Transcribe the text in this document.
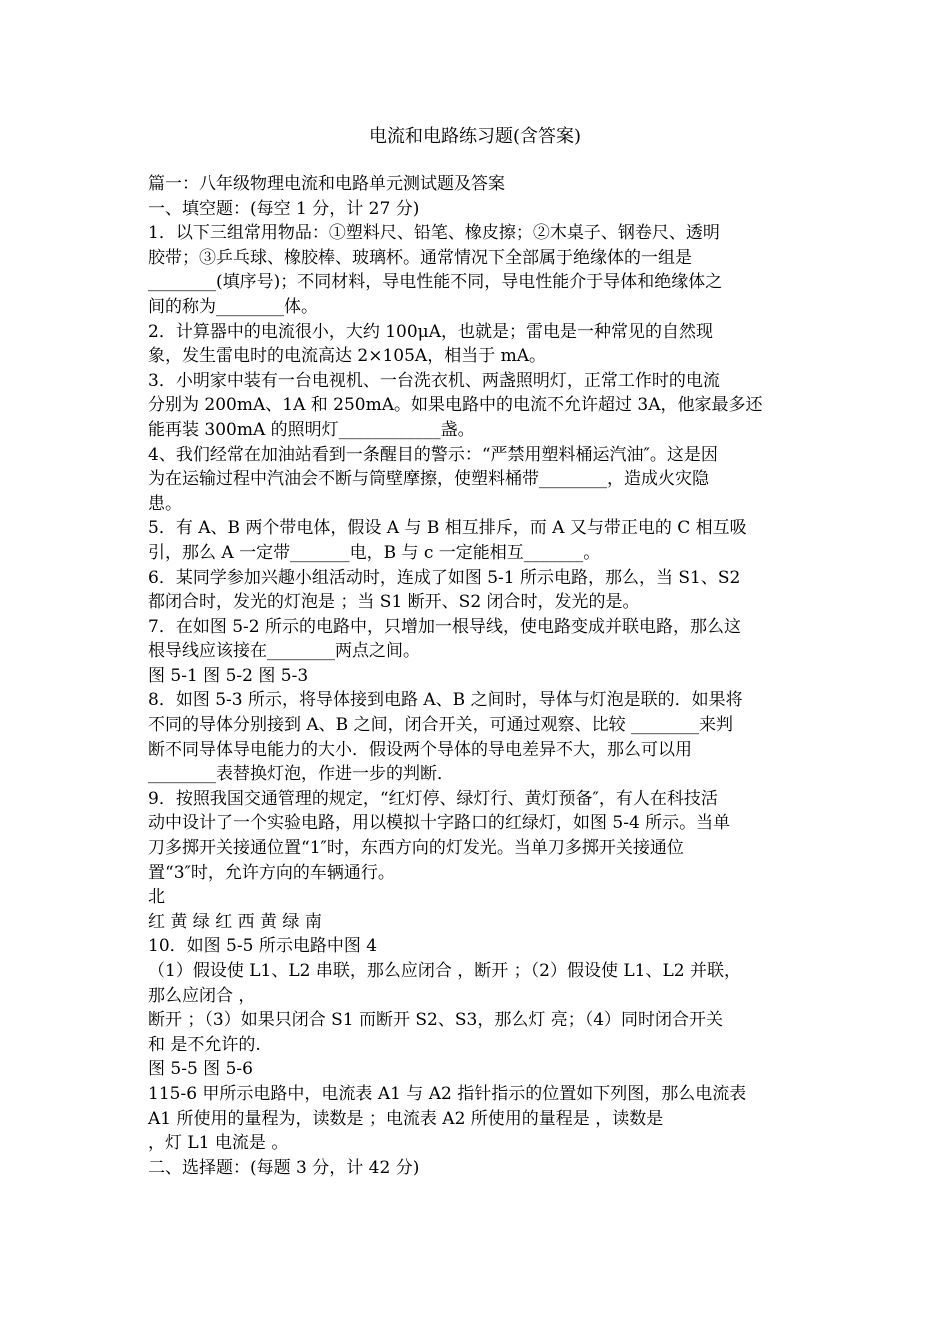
电流和电路练习题(含答案)
篇一：八年级物理电流和电路单元测试题及答案
一、填空题：(每空 1 分，计 27 分)
1．以下三组常用物品：①塑料尺、铅笔、橡皮擦；②木桌子、钢卷尺、透明
胶带；③乒乓球、橡胶棒、玻璃杯。通常情况下全部属于绝缘体的一组是
________(填序号)；不同材料，导电性能不同，导电性能介于导体和绝缘体之
间的称为________体。
2．计算器中的电流很小，大约 100μA，也就是；雷电是一种常见的自然现
象，发生雷电时的电流高达 2×105A，相当于 mA。
3．小明家中装有一台电视机、一台洗衣机、两盏照明灯，正常工作时的电流
分别为 200mA、1A 和 250mA。如果电路中的电流不允许超过 3A，他家最多还
能再装 300mA 的照明灯____________盏。
4、我们经常在加油站看到一条醒目的警示：“严禁用塑料桶运汽油″。这是因
为在运输过程中汽油会不断与筒壁摩擦，使塑料桶带________，造成火灾隐
患。
5．有 A、B 两个带电体，假设 A 与 B 相互排斥，而 A 又与带正电的 C 相互吸
引，那么 A 一定带_______电，B 与 c 一定能相互_______。
6．某同学参加兴趣小组活动时，连成了如图 5-1 所示电路，那么，当 S1、S2
都闭合时，发光的灯泡是 ；当 S1 断开、S2 闭合时，发光的是。
7．在如图 5-2 所示的电路中，只增加一根导线，使电路变成并联电路，那么这
根导线应该接在________两点之间。
图 5-1 图 5-2 图 5-3
8．如图 5-3 所示，将导体接到电路 A、B 之间时，导体与灯泡是联的．如果将
不同的导体分别接到 A、B 之间，闭合开关，可通过观察、比较 ________来判
断不同导体导电能力的大小．假设两个导体的导电差异不大，那么可以用
________表替换灯泡，作进一步的判断．
9．按照我国交通管理的规定，“红灯停、绿灯行、黄灯预备″，有人在科技活
动中设计了一个实验电路，用以模拟十字路口的红绿灯，如图 5-4 所示。当单
刀多掷开关接通位置“1″时，东西方向的灯发光。当单刀多掷开关接通位
置“3″时，允许方向的车辆通行。
北
红 黄 绿 红 西 黄 绿 南
10．如图 5-5 所示电路中图 4
（1）假设使 L1、L2 串联，那么应闭合 ，断开 ；（2）假设使 L1、L2 并联，
那么应闭合 ，
断开 ；（3）如果只闭合 S1 而断开 S2、S3，那么灯 亮；（4）同时闭合开关
和 是不允许的.
图 5-5 图 5-6
115-6 甲所示电路中，电流表 A1 与 A2 指针指示的位置如下列图，那么电流表
A1 所使用的量程为，读数是 ；电流表 A2 所使用的量程是 ，读数是
，灯 L1 电流是 。
二、选择题：(每题 3 分，计 42 分)
